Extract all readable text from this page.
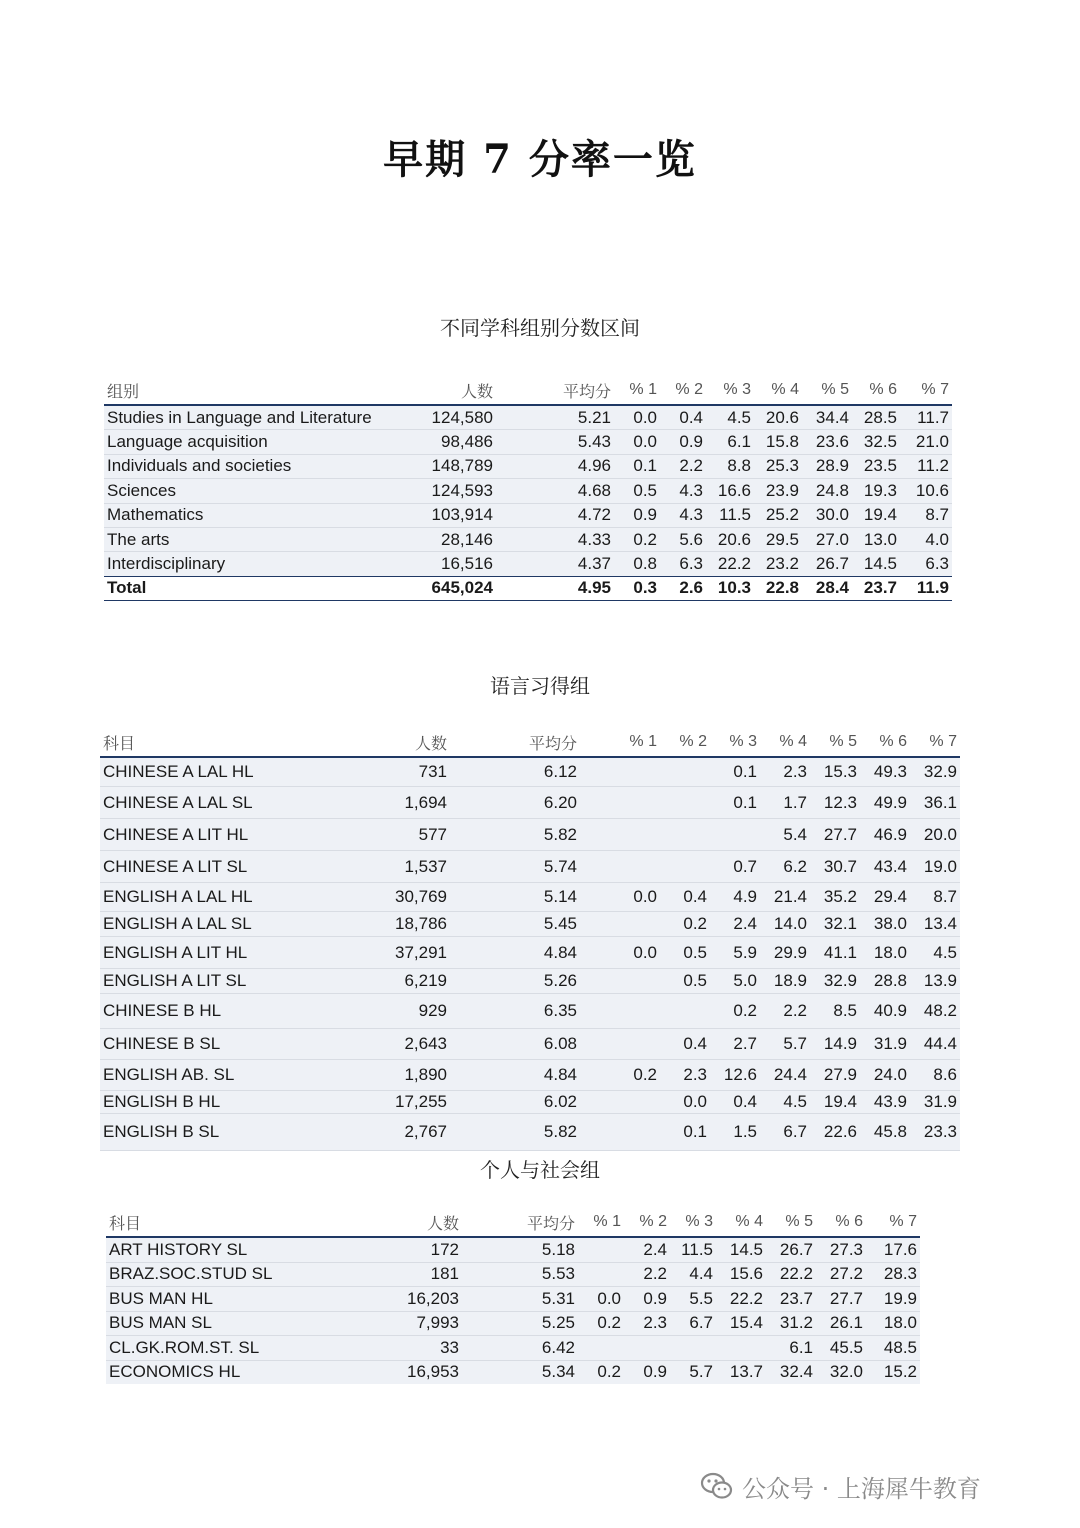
早期 7 分率一览
不同学科组别分数区间
组别	人数	平均分	% 1	% 2	% 3	% 4	% 5	% 6	% 7
Studies in Language and Literature	124,580	5.21	0.0	0.4	4.5	20.6	34.4	28.5	11.7
Language acquisition	98,486	5.43	0.0	0.9	6.1	15.8	23.6	32.5	21.0
Individuals and societies	148,789	4.96	0.1	2.2	8.8	25.3	28.9	23.5	11.2
Sciences	124,593	4.68	0.5	4.3	16.6	23.9	24.8	19.3	10.6
Mathematics	103,914	4.72	0.9	4.3	11.5	25.2	30.0	19.4	8.7
The arts	28,146	4.33	0.2	5.6	20.6	29.5	27.0	13.0	4.0
Interdisciplinary	16,516	4.37	0.8	6.3	22.2	23.2	26.7	14.5	6.3
Total	645,024	4.95	0.3	2.6	10.3	22.8	28.4	23.7	11.9
语言习得组
科目	人数	平均分	% 1	% 2	% 3	% 4	% 5	% 6	% 7
CHINESE A LAL HL	731	6.12			0.1	2.3	15.3	49.3	32.9
CHINESE A LAL SL	1,694	6.20			0.1	1.7	12.3	49.9	36.1
CHINESE A LIT HL	577	5.82				5.4	27.7	46.9	20.0
CHINESE A LIT SL	1,537	5.74			0.7	6.2	30.7	43.4	19.0
ENGLISH A LAL HL	30,769	5.14	0.0	0.4	4.9	21.4	35.2	29.4	8.7
ENGLISH A LAL SL	18,786	5.45		0.2	2.4	14.0	32.1	38.0	13.4
ENGLISH A LIT HL	37,291	4.84	0.0	0.5	5.9	29.9	41.1	18.0	4.5
ENGLISH A LIT SL	6,219	5.26		0.5	5.0	18.9	32.9	28.8	13.9
CHINESE B HL	929	6.35			0.2	2.2	8.5	40.9	48.2
CHINESE B SL	2,643	6.08		0.4	2.7	5.7	14.9	31.9	44.4
ENGLISH AB. SL	1,890	4.84	0.2	2.3	12.6	24.4	27.9	24.0	8.6
ENGLISH B HL	17,255	6.02		0.0	0.4	4.5	19.4	43.9	31.9
ENGLISH B SL	2,767	5.82		0.1	1.5	6.7	22.6	45.8	23.3
个人与社会组
科目	人数	平均分	% 1	% 2	% 3	% 4	% 5	% 6	% 7
ART HISTORY SL	172	5.18		2.4	11.5	14.5	26.7	27.3	17.6
BRAZ.SOC.STUD SL	181	5.53		2.2	4.4	15.6	22.2	27.2	28.3
BUS MAN HL	16,203	5.31	0.0	0.9	5.5	22.2	23.7	27.7	19.9
BUS MAN SL	7,993	5.25	0.2	2.3	6.7	15.4	31.2	26.1	18.0
CL.GK.ROM.ST. SL	33	6.42					6.1	45.5	48.5
ECONOMICS HL	16,953	5.34	0.2	0.9	5.7	13.7	32.4	32.0	15.2
公众号 · 上海犀牛教育
